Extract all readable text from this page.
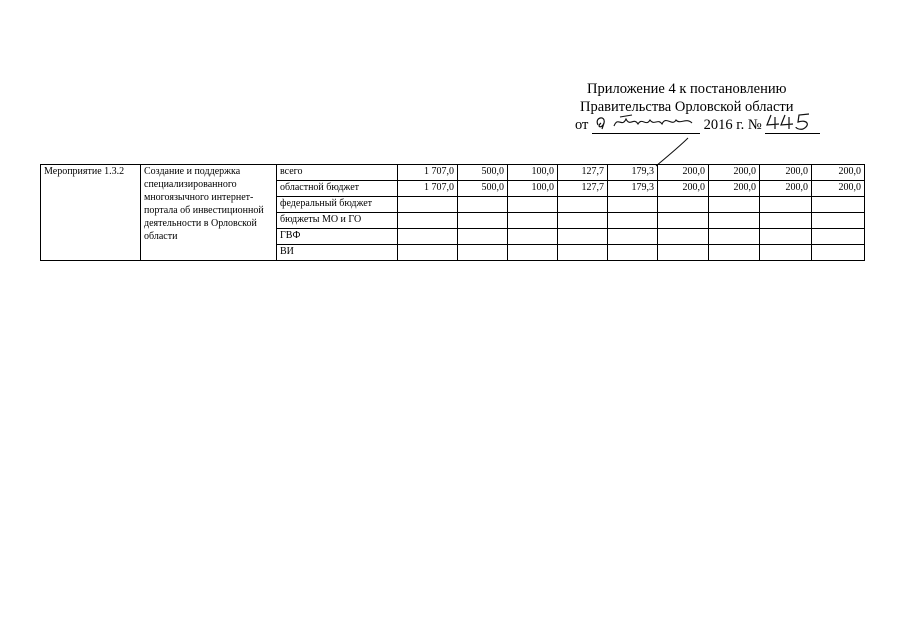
Приложение 4 к постановлению
Правительства Орловской области
от	2016 г. №
Мероприятие 1.3.2	Создание и поддержка специализированного многоязычного интернет-портала об инвестиционной деятельности в Орловской области	всего	1 707,0	500,0	100,0	127,7	179,3	200,0	200,0	200,0	200,0
		областной бюджет	1 707,0	500,0	100,0	127,7	179,3	200,0	200,0	200,0	200,0
		федеральный бюджет									
		бюджеты МО и ГО									
		ГВФ									
		ВИ									
